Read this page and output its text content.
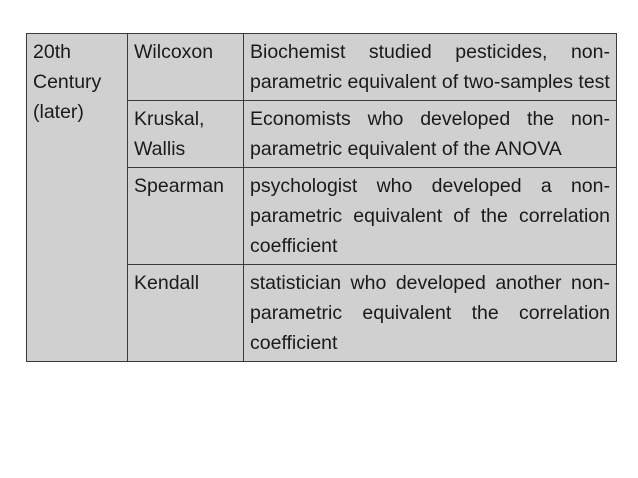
20th Century (later)	Wilcoxon	Biochemist studied pesticides, non-parametric equivalent of two-samples test
	Kruskal, Wallis	Economists who developed the non-parametric equivalent of the ANOVA
	Spearman	psychologist who developed a non-parametric equivalent of the correlation coefficient
	Kendall	statistician who developed another non-parametric equivalent the correlation coefficient
